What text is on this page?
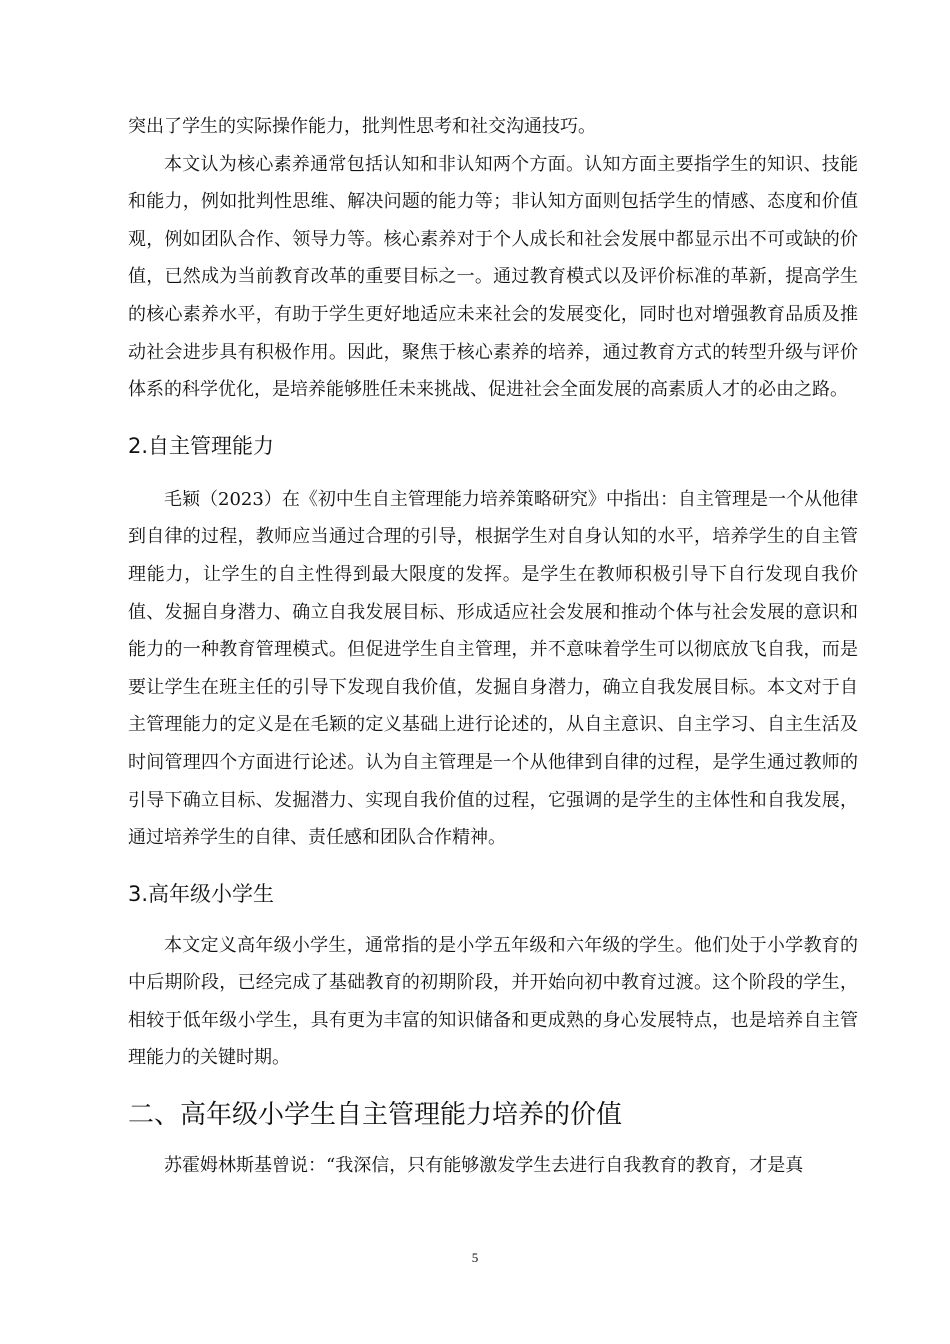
突出了学生的实际操作能力，批判性思考和社交沟通技巧。

本文认为核心素养通常包括认知和非认知两个方面。认知方面主要指学生的知识、技能和能力，例如批判性思维、解决问题的能力等；非认知方面则包括学生的情感、态度和价值观，例如团队合作、领导力等。核心素养对于个人成长和社会发展中都显示出不可或缺的价值，已然成为当前教育改革的重要目标之一。通过教育模式以及评价标准的革新，提高学生的核心素养水平，有助于学生更好地适应未来社会的发展变化，同时也对增强教育品质及推动社会进步具有积极作用。因此，聚焦于核心素养的培养，通过教育方式的转型升级与评价体系的科学优化，是培养能够胜任未来挑战、促进社会全面发展的高素质人才的必由之路。

2.自主管理能力

毛颖（2023）在《初中生自主管理能力培养策略研究》中指出：自主管理是一个从他律到自律的过程，教师应当通过合理的引导，根据学生对自身认知的水平，培养学生的自主管理能力，让学生的自主性得到最大限度的发挥。是学生在教师积极引导下自行发现自我价值、发掘自身潜力、确立自我发展目标、形成适应社会发展和推动个体与社会发展的意识和能力的一种教育管理模式。但促进学生自主管理，并不意味着学生可以彻底放飞自我，而是要让学生在班主任的引导下发现自我价值，发掘自身潜力，确立自我发展目标。本文对于自主管理能力的定义是在毛颖的定义基础上进行论述的，从自主意识、自主学习、自主生活及时间管理四个方面进行论述。认为自主管理是一个从他律到自律的过程，是学生通过教师的引导下确立目标、发掘潜力、实现自我价值的过程，它强调的是学生的主体性和自我发展，通过培养学生的自律、责任感和团队合作精神。

3.高年级小学生

本文定义高年级小学生，通常指的是小学五年级和六年级的学生。他们处于小学教育的中后期阶段，已经完成了基础教育的初期阶段，并开始向初中教育过渡。这个阶段的学生，相较于低年级小学生，具有更为丰富的知识储备和更成熟的身心发展特点，也是培养自主管理能力的关键时期。

二、高年级小学生自主管理能力培养的价值

苏霍姆林斯基曾说：“我深信，只有能够激发学生去进行自我教育的教育，才是真

5
